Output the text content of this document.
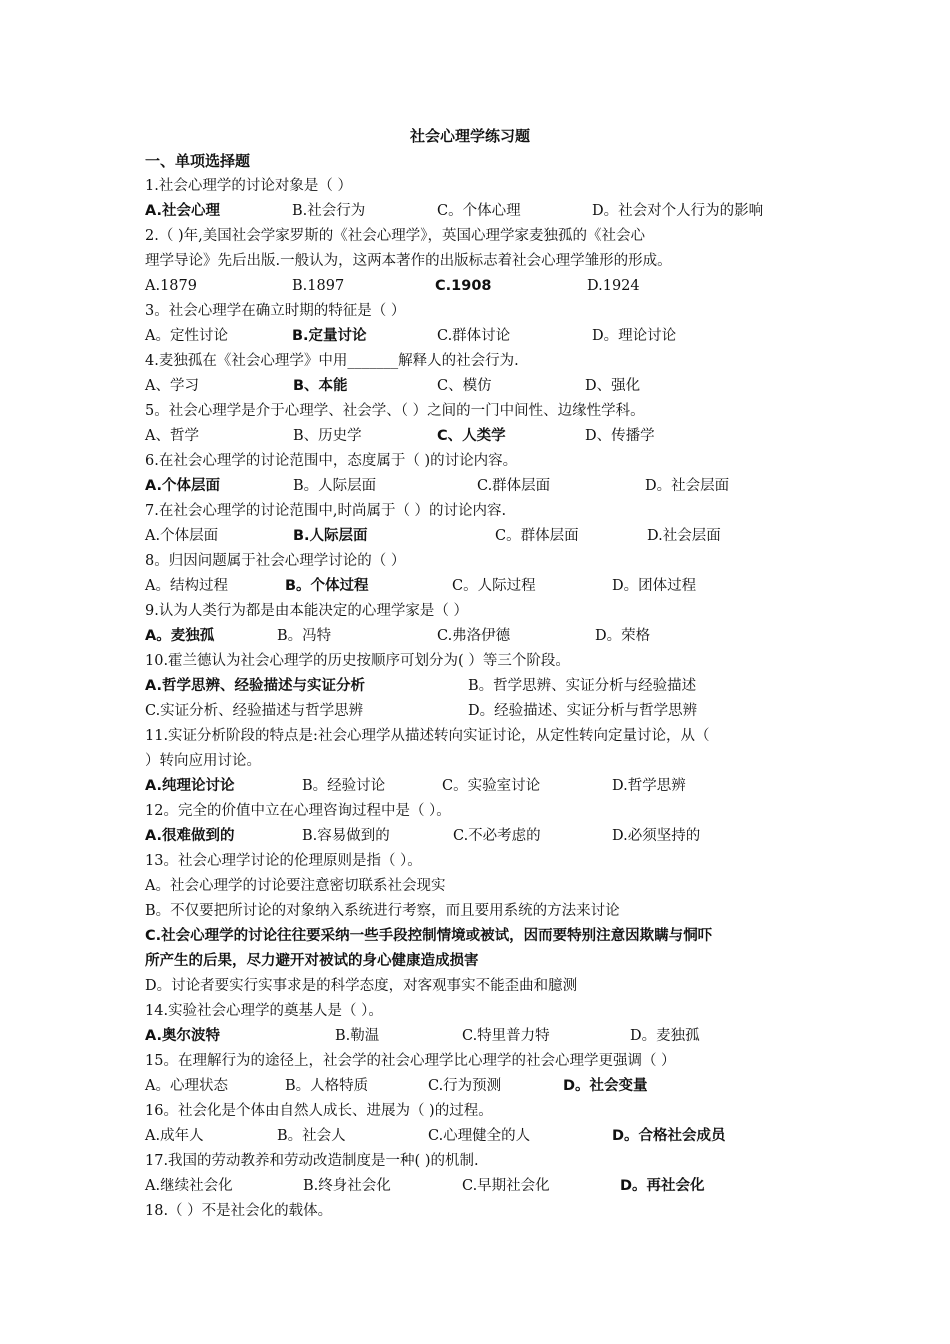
社会心理学练习题
一、单项选择题
1.社会心理学的讨论对象是（ ）
A.社会心理	B.社会行为	C。个体心理	D。社会对个人行为的影响
2.（ )年,美国社会学家罗斯的《社会心理学》，英国心理学家麦独孤的《社会心
理学导论》先后出版.一般认为，这两本著作的出版标志着社会心理学雏形的形成。
A.1879	B.1897	C.1908	D.1924
3。社会心理学在确立时期的特征是（ ）
A。定性讨论	B.定量讨论	C.群体讨论	D。理论讨论
4.麦独孤在《社会心理学》中用_______解释人的社会行为.
A、学习	B、本能	C、模仿	D、强化
5。社会心理学是介于心理学、社会学、（ ）之间的一门中间性、边缘性学科。
A、哲学	B、历史学	C、人类学	D、传播学
6.在社会心理学的讨论范围中，态度属于（ )的讨论内容。
A.个体层面	B。人际层面	C.群体层面	D。社会层面
7.在社会心理学的讨论范围中,时尚属于（ ）的讨论内容.
A.个体层面	B.人际层面	C。群体层面	D.社会层面
8。归因问题属于社会心理学讨论的（ ）
A。结构过程	B。个体过程	C。人际过程	D。团体过程
9.认为人类行为都是由本能决定的心理学家是（ ）
A。麦独孤	B。冯特	C.弗洛伊德	D。荣格
10.霍兰德认为社会心理学的历史按顺序可划分为( ）等三个阶段。
A.哲学思辨、经验描述与实证分析	B。哲学思辨、实证分析与经验描述
C.实证分析、经验描述与哲学思辨	D。经验描述、实证分析与哲学思辨
11.实证分析阶段的特点是:社会心理学从描述转向实证讨论，从定性转向定量讨论，从（
）转向应用讨论。
A.纯理论讨论	B。经验讨论	C。实验室讨论	D.哲学思辨
12。完全的价值中立在心理咨询过程中是（ ）。
A.很难做到的	B.容易做到的	C.不必考虑的	D.必须坚持的
13。社会心理学讨论的伦理原则是指（ ）。
A。社会心理学的讨论要注意密切联系社会现实
B。不仅要把所讨论的对象纳入系统进行考察，而且要用系统的方法来讨论
C.社会心理学的讨论往往要采纳一些手段控制情境或被试，因而要特别注意因欺瞒与恫吓
所产生的后果，尽力避开对被试的身心健康造成损害
D。讨论者要实行实事求是的科学态度，对客观事实不能歪曲和臆测
14.实验社会心理学的奠基人是（ ）。
A.奥尔波特	B.勒温	C.特里普力特	D。麦独孤
15。在理解行为的途径上，社会学的社会心理学比心理学的社会心理学更强调（ ）
A。心理状态	B。人格特质	C.行为预测	D。社会变量
16。社会化是个体由自然人成长、进展为（ )的过程。
A.成年人	B。社会人	C.心理健全的人	D。合格社会成员
17.我国的劳动教养和劳动改造制度是一种( )的机制.
A.继续社会化	B.终身社会化	C.早期社会化	D。再社会化
18.（ ）不是社会化的载体。
